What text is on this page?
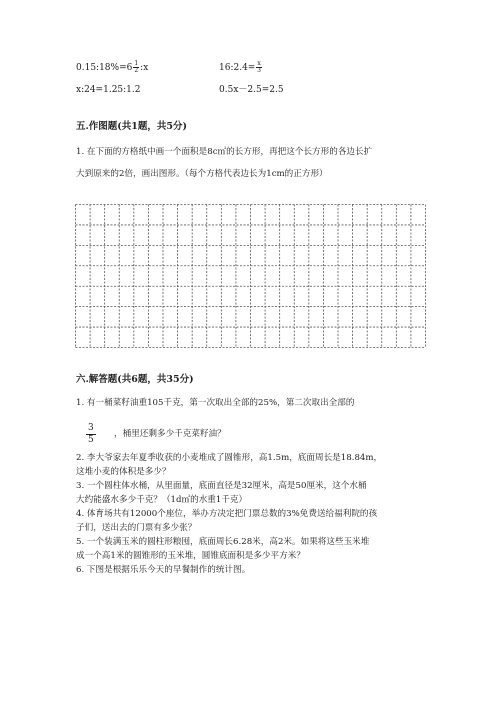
0.15:18%=6 $\frac{1}{2}$ :x	16:2.4= $\frac{x}{3}$
x:24=1.25:1.2	0.5x－2.5=2.5
五.作图题(共1题，共5分)
1. 在下面的方格纸中画一个面积是8c㎡的长方形，再把这个长方形的各边长扩
大到原来的2倍，画出图形。（每个方格代表边长为1cm的正方形）
六.解答题(共6题，共35分)
1. 有一桶菜籽油重105千克，第一次取出全部的25%，第二次取出全部的
$\frac{3}{5}$ ，桶里还剩多少千克菜籽油？
2. 李大爷家去年夏季收获的小麦堆成了圆锥形，高1.5m，底面周长是18.84m，
这堆小麦的体积是多少？
3. 一个圆柱体水桶，从里面量，底面直径是32厘米，高是50厘米，这个水桶
大约能盛水多少千克？（1d㎡的水重1千克）
4. 体育场共有12000个座位，举办方决定把门票总数的3%免费送给福利院的孩
子们，送出去的门票有多少张？
5. 一个装满玉米的圆柱形粮囤，底面周长6.28米，高2米。如果将这些玉米堆
成一个高1米的圆锥形的玉米堆，圆锥底面积是多少平方米？
6. 下图是根据乐乐今天的早餐制作的统计图。
